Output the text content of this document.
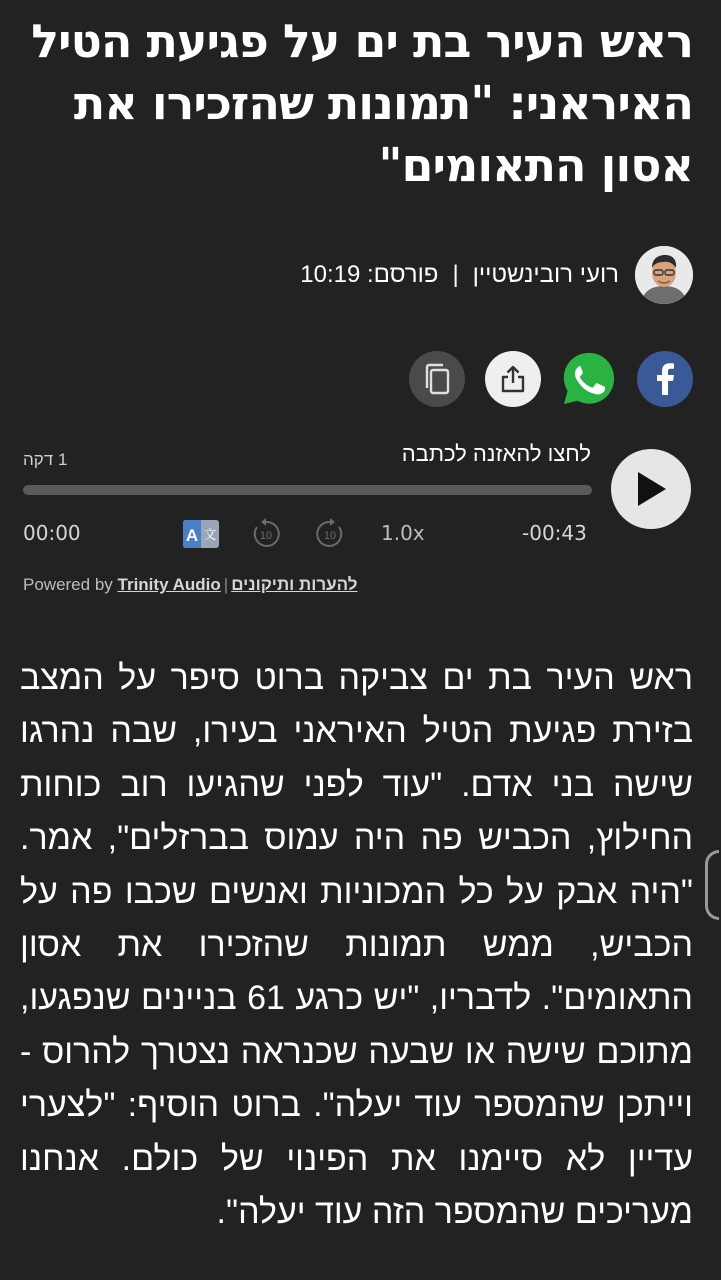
ראש העיר בת ים על פגיעת הטיל האיראני: "תמונות שהזכירו את אסון התאומים"
רועי רובינשטיין
|
פורסם: 10:19
לחצו להאזנה לכתבה
1 דקה
00:00	A 文	10	10 1.0x	-00:43
Powered by Trinity Audio | להערות ותיקונים
ראש העיר בת ים צביקה ברוט סיפר על המצב בזירת פגיעת הטיל האיראני בעירו, שבה נהרגו שישה בני אדם. "עוד לפני שהגיעו רוב כוחות החילוץ, הכביש פה היה עמוס בברזלים", אמר. "היה אבק על כל המכוניות ואנשים שכבו פה על הכביש, ממש תמונות שהזכירו את אסון התאומים". לדבריו, "יש כרגע 61 בניינים שנפגעו, מתוכם שישה או שבעה שכנראה נצטרך להרוס - וייתכן שהמספר עוד יעלה". ברוט הוסיף: "לצערי עדיין לא סיימנו את הפינוי של כולם. אנחנו מעריכים שהמספר הזה עוד יעלה".
